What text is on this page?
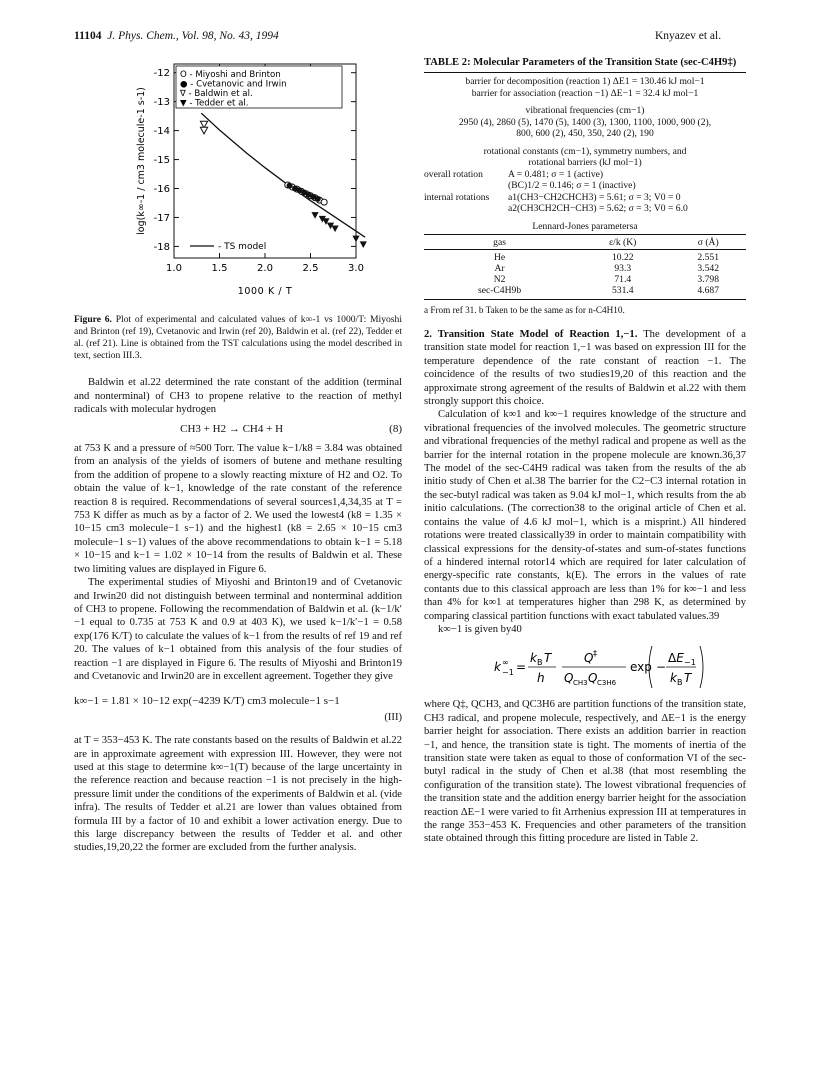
11104 J. Phys. Chem., Vol. 98, No. 43, 1994	Knyazev et al.
1.0	1.5	2.0	2.5	3.0
-12
-13
-14
-15
-16
-17
-18
1000 K / T
log(k∞-1 / cm3 molecule-1 s-1)
O - Miyoshi and Brinton
● - Cvetanovic and Irwin
∇ - Baldwin et al.
▼ - Tedder et al.
- TS model
Figure 6. Plot of experimental and calculated values of k∞-1 vs 1000/T: Miyoshi and Brinton (ref 19), Cvetanovic and Irwin (ref 20), Baldwin et al. (ref 22), Tedder et al. (ref 21). Line is obtained from the TST calculations using the model described in text, section III.3.

Baldwin et al.22 determined the rate constant of the addition (terminal and nonterminal) of CH3 to propene relative to the reaction of methyl radicals with molecular hydrogen

CH3 + H2 → CH4 + H	(8)

at 753 K and a pressure of ≈500 Torr. The value k−1/k8 = 3.84 was obtained from an analysis of the yields of isomers of butene and methane resulting from the addition of propene to a slowly reacting mixture of H2 and O2. To obtain the value of k−1, knowledge of the rate constant of the reference reaction 8 is required. Recommendations of several sources1,4,34,35 at T = 753 K differ as much as by a factor of 2. We used the lowest4 (k8 = 1.35 × 10−15 cm3 molecule−1 s−1) and the highest1 (k8 = 2.65 × 10−15 cm3 molecule−1 s−1) values of the above recommendations to obtain k−1 = 5.18 × 10−15 and k−1 = 1.02 × 10−14 from the results of Baldwin et al. These two limiting values are displayed in Figure 6.

The experimental studies of Miyoshi and Brinton19 and of Cvetanovic and Irwin20 did not distinguish between terminal and nonterminal addition of CH3 to propene. Following the recommendation of Baldwin et al. (k−1/k′−1 equal to 0.735 at 753 K and 0.9 at 403 K), we used k−1/k′−1 = 0.58 exp(176 K/T) to calculate the values of k−1 from the results of ref 19 and ref 20. The values of k−1 obtained from this analysis of the four studies of reaction −1 are displayed in Figure 6. The results of Miyoshi and Brinton19 and Cvetanovic and Irwin20 are in excellent agreement. Together they give

k∞−1 = 1.81 × 10−12 exp(−4239 K/T) cm3 molecule−1 s−1
(III)

at T = 353−453 K. The rate constants based on the results of Baldwin et al.22 are in approximate agreement with expression III. However, they were not used at this stage to determine k∞−1(T) because of the large uncertainty in the reference reaction and because reaction −1 is not precisely in the high-pressure limit under the conditions of the experiments of Baldwin et al. (vide infra). The results of Tedder et al.21 are lower than values obtained from formula III by a factor of 10 and exhibit a lower activation energy. Due to this large discrepancy between the results of Tedder et al. and other studies,19,20,22 the former are excluded from the further analysis.

TABLE 2: Molecular Parameters of the Transition State (sec-C4H9‡)
barrier for decomposition (reaction 1) ΔE1 = 130.46 kJ mol−1
barrier for association (reaction −1) ΔE−1 = 32.4 kJ mol−1
vibrational frequencies (cm−1)
2950 (4), 2860 (5), 1470 (5), 1400 (3), 1300, 1100, 1000, 900 (2),
800, 600 (2), 450, 350, 240 (2), 190
rotational constants (cm−1), symmetry numbers, and
rotational barriers (kJ mol−1)
overall rotation	A = 0.481; σ = 1 (active)
(BC)1/2 = 0.146; σ = 1 (inactive)
internal rotations	a1(CH3−CH2CHCH3) = 5.61; σ = 3; V0 = 0
a2(CH3CH2CH−CH3) = 5.62; σ = 3; V0 = 6.0
Lennard-Jones parametersa
gas	ε/k (K)	σ (Å)

He	10.22	2.551
Ar	93.3	3.542
N2	71.4	3.798
sec-C4H9b	531.4	4.687
a From ref 31. b Taken to be the same as for n-C4H10.

2. Transition State Model of Reaction 1,−1. The development of a transition state model for reaction 1,−1 was based on expression III for the temperature dependence of the rate constant of reaction −1. The coincidence of the results of two studies19,20 of this reaction and the approximate strong agreement of the results of Baldwin et al.22 with them strongly support this choice.

Calculation of k∞1 and k∞−1 requires knowledge of the structure and vibrational frequencies of the involved molecules. The geometric structure and vibrational frequencies of the methyl radical and propene as well as the barrier for the internal rotation in the propene molecule are known.36,37 The model of the sec-C4H9 radical was taken from the results of the ab initio study of Chen et al.38 The barrier for the C2−C3 internal rotation in the sec-butyl radical was taken as 9.04 kJ mol−1, which results from the ab initio calculations. (The correction38 to the original article of Chen et al. contains the value of 4.6 kJ mol−1, which is a misprint.) All hindered rotations were treated classically39 in order to maintain compatibility with classical expressions for the density-of-states and sum-of-states functions of a hindered internal rotor14 which are required for later calculation of energy-specific rate constants, k(E). The errors in the values of rate contants due to this classical approach are less than 1% for k∞−1 and less than 4% for k∞1 at temperatures higher than 298 K, as determined by comparing classical partition functions with exact tabulated values.39

k∞−1 is given by40

k ∞
−1 =
k B T
h
Q ‡
Q CH3 Q C3H6
exp −
ΔE −1
k B T

where Q‡, QCH3, and QC3H6 are partition functions of the transition state, CH3 radical, and propene molecule, respectively, and ΔE−1 is the energy barrier height for association. There exists an addition barrier in reaction −1, and hence, the transition state is tight. The moments of inertia of the transition state were taken as equal to those of conformation VI of the sec-butyl radical in the study of Chen et al.38 (that most resembling the configuration of the transition state). The lowest vibrational frequencies of the transition state and the addition energy barrier height for the association reaction ΔE−1 were varied to fit Arrhenius expression III at temperatures in the range 353−453 K. Frequencies and other parameters of the transition state obtained through this fitting procedure are listed in Table 2.
